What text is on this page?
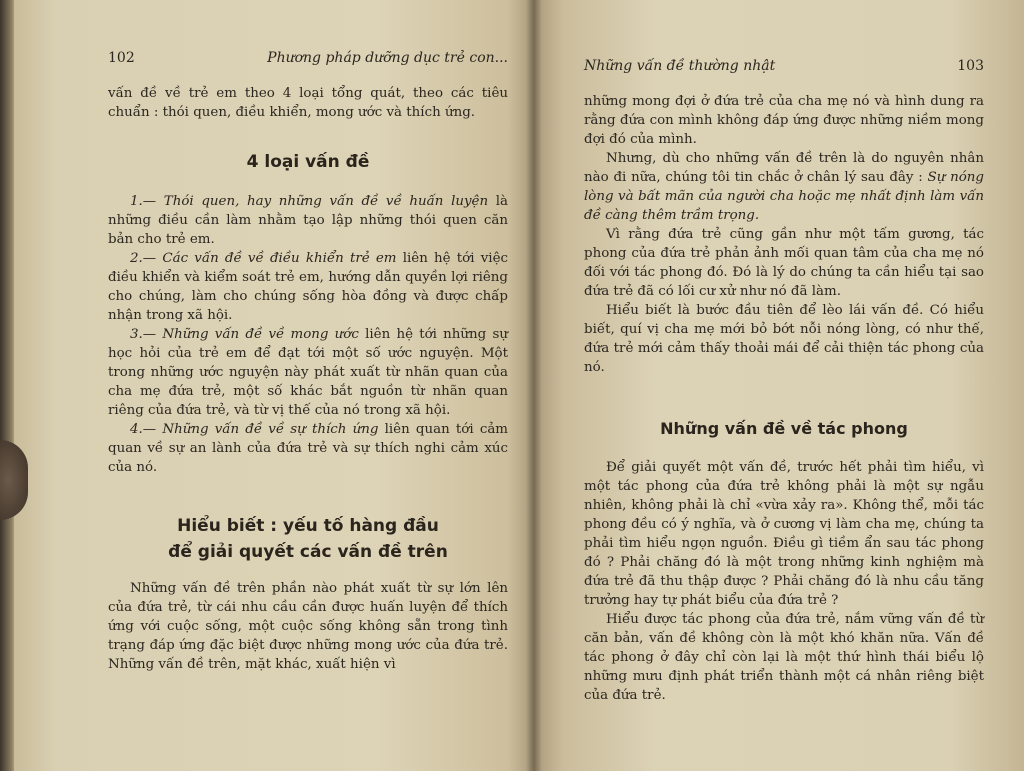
102	Phương pháp dưỡng dục trẻ con...

vấn đề về trẻ em theo 4 loại tổng quát, theo các tiêu chuẩn : thói quen, điều khiển, mong ước và thích ứng.

4 loại vấn đề

1.— Thói quen, hay những vấn đề về huấn luyện là những điều cần làm nhằm tạo lập những thói quen căn bản cho trẻ em.

2.— Các vấn đề về điều khiển trẻ em liên hệ tới việc điều khiển và kiểm soát trẻ em, hướng dẫn quyền lợi riêng cho chúng, làm cho chúng sống hòa đồng và được chấp nhận trong xã hội.

3.— Những vấn đề về mong ước liên hệ tới những sự học hỏi của trẻ em để đạt tới một số ước nguyện. Một trong những ước nguyện này phát xuất từ nhãn quan của cha mẹ đứa trẻ, một số khác bắt nguồn từ nhãn quan riêng của đứa trẻ, và từ vị thế của nó trong xã hội.

4.— Những vấn đề về sự thích ứng liên quan tới cảm quan về sự an lành của đứa trẻ và sự thích nghi cảm xúc của nó.

Hiểu biết : yếu tố hàng đầu
để giải quyết các vấn đề trên

Những vấn đề trên phần nào phát xuất từ sự lớn lên của đứa trẻ, từ cái nhu cầu cần được huấn luyện để thích ứng với cuộc sống, một cuộc sống không sẵn trong tình trạng đáp ứng đặc biệt được những mong ước của đứa trẻ. Những vấn đề trên, mặt khác, xuất hiện vì

Những vấn đề thường nhật	103

những mong đợi ở đứa trẻ của cha mẹ nó và hình dung ra rằng đứa con mình không đáp ứng được những niềm mong đợi đó của mình.

Nhưng, dù cho những vấn đề trên là do nguyên nhân nào đi nữa, chúng tôi tin chắc ở chân lý sau đây : Sự nóng lòng và bất mãn của người cha hoặc mẹ nhất định làm vấn đề càng thêm trầm trọng.

Vì rằng đứa trẻ cũng gần như một tấm gương, tác phong của đứa trẻ phản ảnh mối quan tâm của cha mẹ nó đối với tác phong đó. Đó là lý do chúng ta cần hiểu tại sao đứa trẻ đã có lối cư xử như nó đã làm.

Hiểu biết là bước đầu tiên để lèo lái vấn đề. Có hiểu biết, quí vị cha mẹ mới bỏ bớt nỗi nóng lòng, có như thế, đứa trẻ mới cảm thấy thoải mái để cải thiện tác phong của nó.

Những vấn đề về tác phong

Để giải quyết một vấn đề, trước hết phải tìm hiểu, vì một tác phong của đứa trẻ không phải là một sự ngẫu nhiên, không phải là chỉ «vừa xảy ra». Không thể, mỗi tác phong đều có ý nghĩa, và ở cương vị làm cha mẹ, chúng ta phải tìm hiểu ngọn nguồn. Điều gì tiềm ẩn sau tác phong đó ? Phải chăng đó là một trong những kinh nghiệm mà đứa trẻ đã thu thập được ? Phải chăng đó là nhu cầu tăng trưởng hay tự phát biểu của đứa trẻ ?

Hiểu được tác phong của đứa trẻ, nắm vững vấn đề từ căn bản, vấn đề không còn là một khó khăn nữa. Vấn đề tác phong ở đây chỉ còn lại là một thứ hình thái biểu lộ những mưu định phát triển thành một cá nhân riêng biệt của đứa trẻ.
